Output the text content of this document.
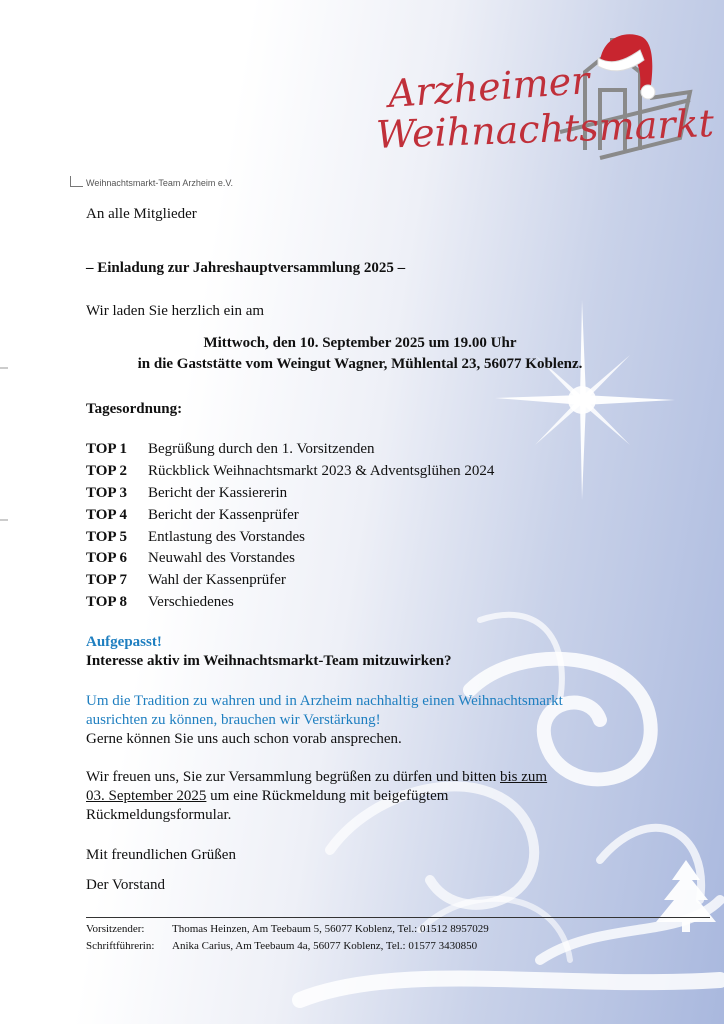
Arzheimer
Weihnachtsmarkt
Weihnachtsmarkt-Team Arzheim e.V.
An alle Mitglieder
– Einladung zur Jahreshauptversammlung 2025 –
Wir laden Sie herzlich ein am
Mittwoch, den 10. September 2025 um 19.00 Uhr
in die Gaststätte vom Weingut Wagner, Mühlental 23, 56077 Koblenz.
Tagesordnung:
TOP 1 Begrüßung durch den 1. Vorsitzenden
TOP 2 Rückblick Weihnachtsmarkt 2023 & Adventsglühen 2024
TOP 3 Bericht der Kassiererin
TOP 4 Bericht der Kassenprüfer
TOP 5 Entlastung des Vorstandes
TOP 6 Neuwahl des Vorstandes
TOP 7 Wahl der Kassenprüfer
TOP 8 Verschiedenes
Aufgepasst!
Interesse aktiv im Weihnachtsmarkt-Team mitzuwirken?
Um die Tradition zu wahren und in Arzheim nachhaltig einen Weihnachtsmarkt
ausrichten zu können, brauchen wir Verstärkung!
Gerne können Sie uns auch schon vorab ansprechen.
Wir freuen uns, Sie zur Versammlung begrüßen zu dürfen und bitten bis zum
03. September 2025 um eine Rückmeldung mit beigefügtem
Rückmeldungsformular.
Mit freundlichen Grüßen
Der Vorstand
Vorsitzender:	Thomas Heinzen, Am Teebaum 5, 56077 Koblenz, Tel.: 01512 8957029
Schriftführerin: Anika Carius, Am Teebaum 4a, 56077 Koblenz, Tel.: 01577 3430850
